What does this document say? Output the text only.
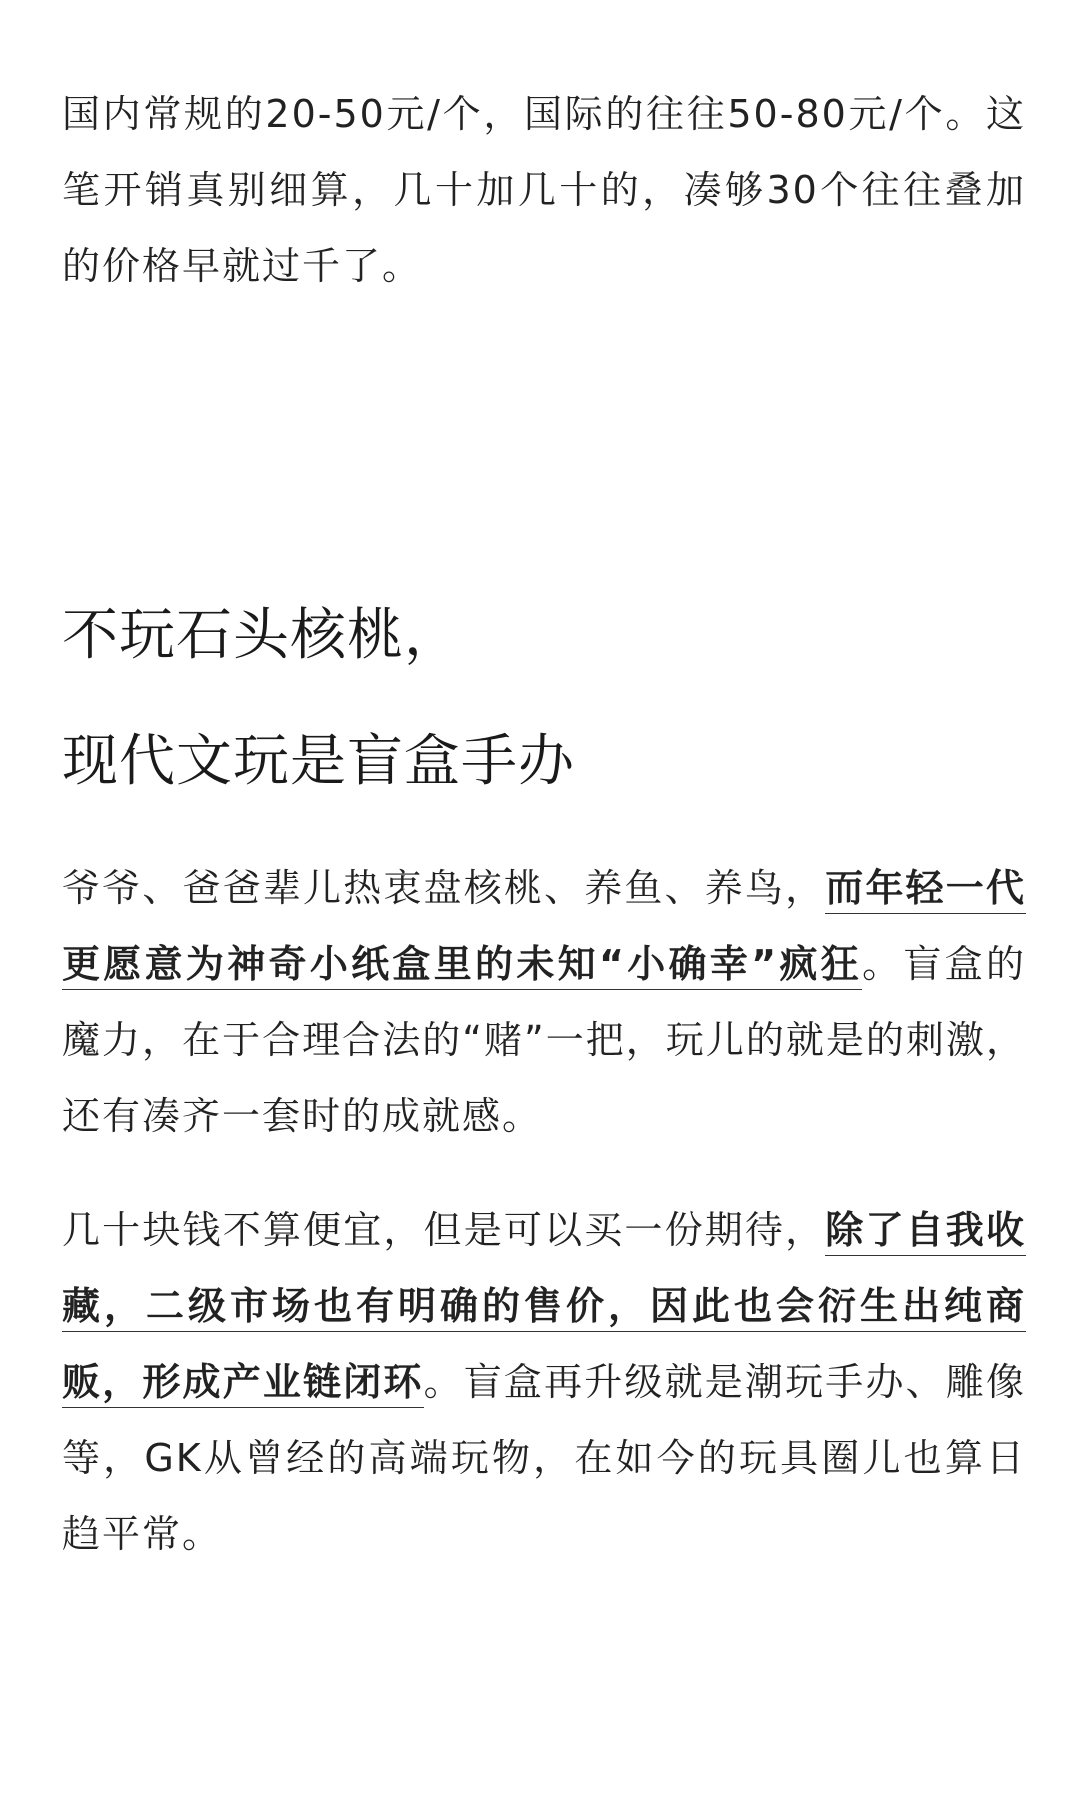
国内常规的20-50元/个，国际的往往50-80元/个。这笔开销真别细算，几十加几十的，凑够30个往往叠加的价格早就过千了。

不玩石头核桃，
现代文玩是盲盒手办

爷爷、爸爸辈儿热衷盘核桃、养鱼、养鸟，而年轻一代更愿意为神奇小纸盒里的未知“小确幸”疯狂。盲盒的魔力，在于合理合法的“赌”一把，玩儿的就是的刺激，还有凑齐一套时的成就感。

几十块钱不算便宜，但是可以买一份期待，除了自我收藏，二级市场也有明确的售价，因此也会衍生出纯商贩，形成产业链闭环。盲盒再升级就是潮玩手办、雕像等，GK从曾经的高端玩物，在如今的玩具圈儿也算日趋平常。
